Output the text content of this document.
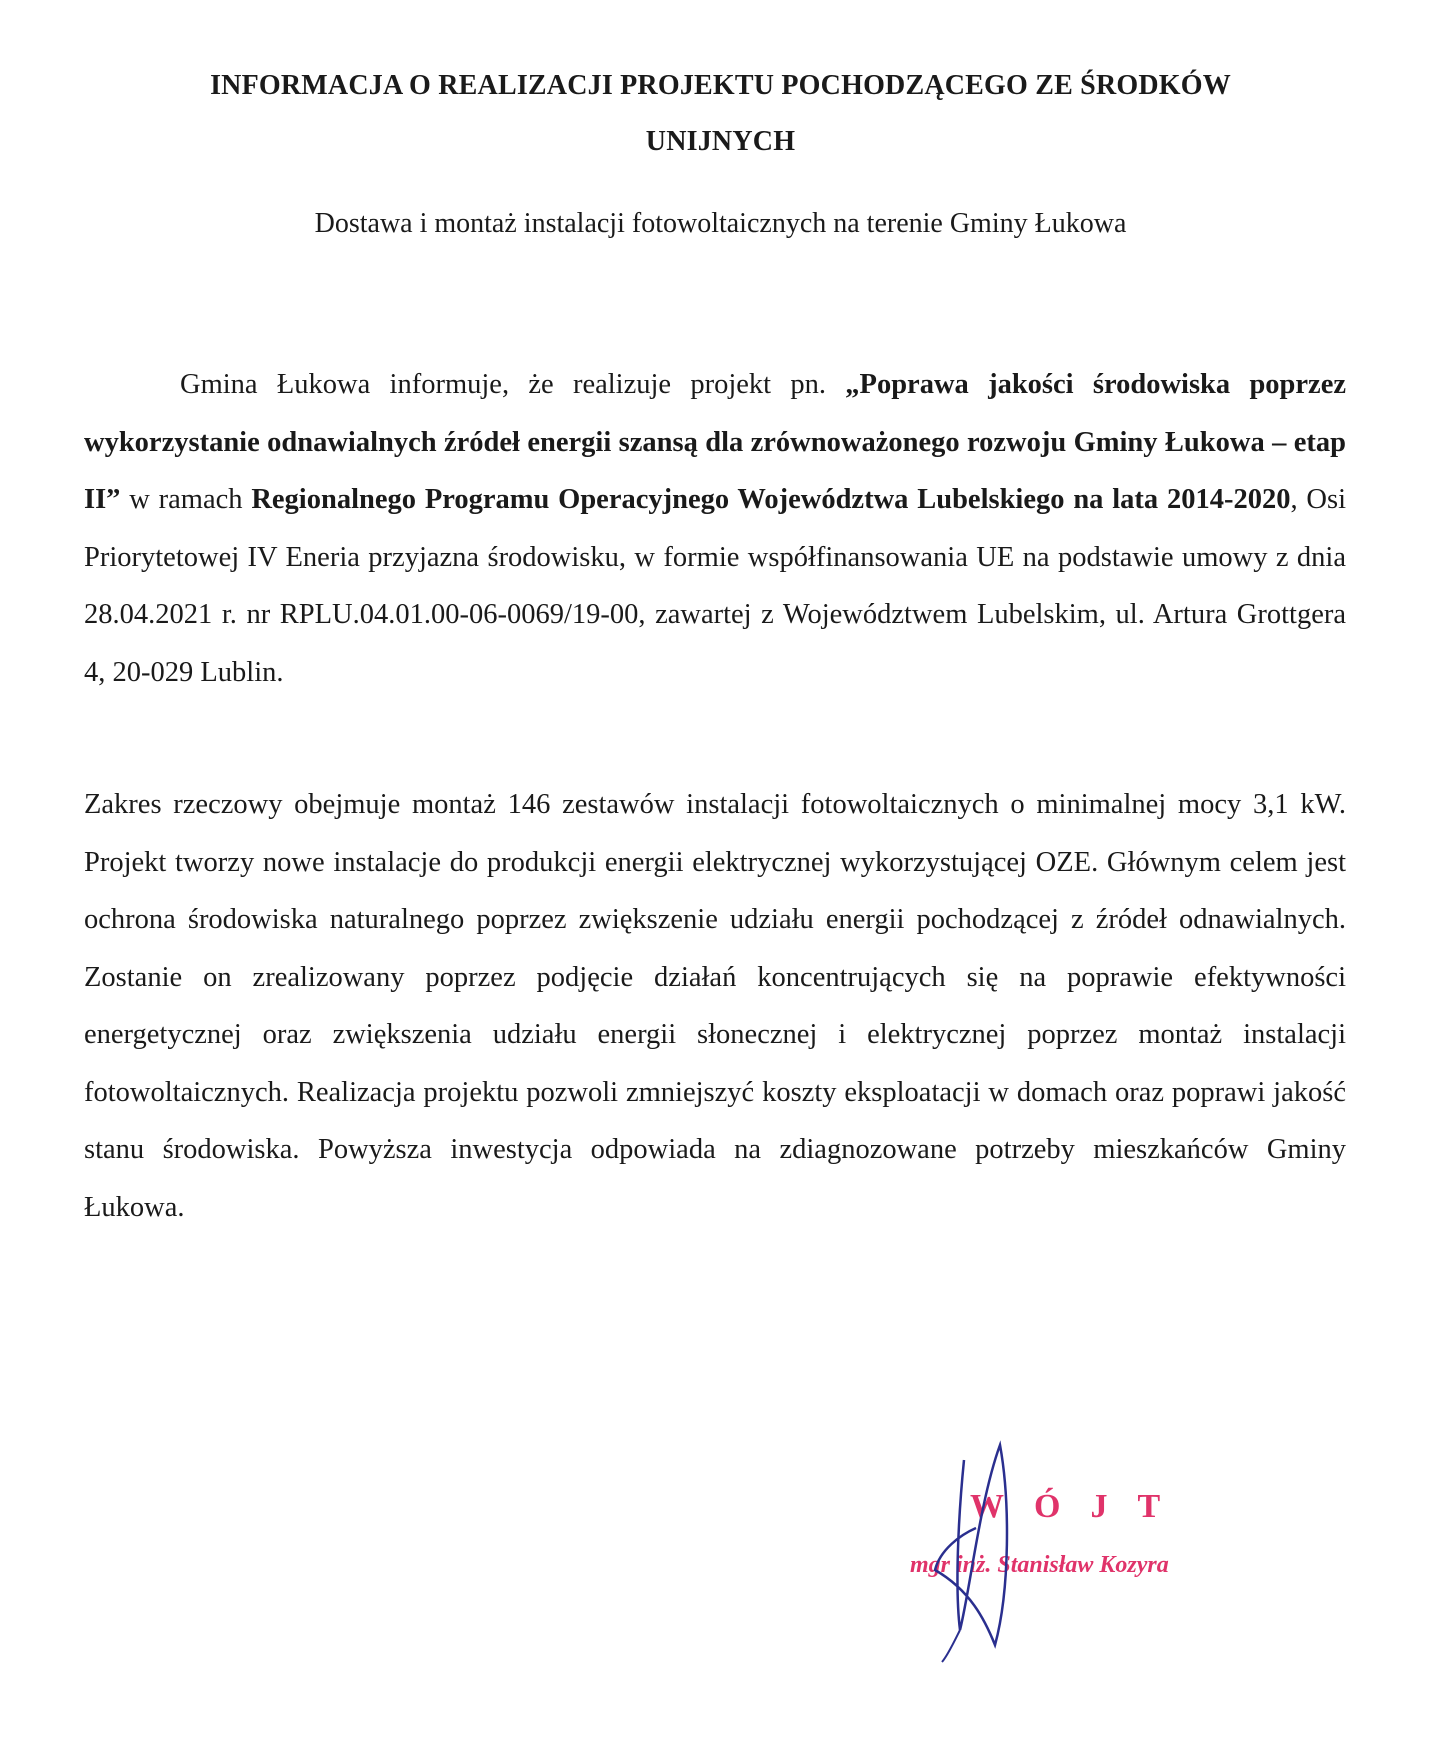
INFORMACJA O REALIZACJI PROJEKTU POCHODZĄCEGO ZE ŚRODKÓW
UNIJNYCH
Dostawa i montaż instalacji fotowoltaicznych na terenie Gminy Łukowa
Gmina Łukowa informuje, że realizuje projekt pn. „Poprawa jakości środowiska poprzez wykorzystanie odnawialnych źródeł energii szansą dla zrównoważonego rozwoju Gminy Łukowa – etap II” w ramach Regionalnego Programu Operacyjnego Województwa Lubelskiego na lata 2014-2020, Osi Priorytetowej IV Eneria przyjazna środowisku, w formie współfinansowania UE na podstawie umowy z dnia 28.04.2021 r. nr RPLU.04.01.00-06-0069/19-00, zawartej z Województwem Lubelskim, ul. Artura Grottgera 4, 20-029 Lublin.
Zakres rzeczowy obejmuje montaż 146 zestawów instalacji fotowoltaicznych o minimalnej mocy 3,1 kW. Projekt tworzy nowe instalacje do produkcji energii elektrycznej wykorzystującej OZE. Głównym celem jest ochrona środowiska naturalnego poprzez zwiększenie udziału energii pochodzącej z źródeł odnawialnych. Zostanie on zrealizowany poprzez podjęcie działań koncentrujących się na poprawie efektywności energetycznej oraz zwiększenia udziału energii słonecznej i elektrycznej poprzez montaż instalacji fotowoltaicznych. Realizacja projektu pozwoli zmniejszyć koszty eksploatacji w domach oraz poprawi jakość stanu środowiska. Powyższa inwestycja odpowiada na zdiagnozowane potrzeby mieszkańców Gminy Łukowa.
WÓJT
mgr inż. Stanisław Kozyra
